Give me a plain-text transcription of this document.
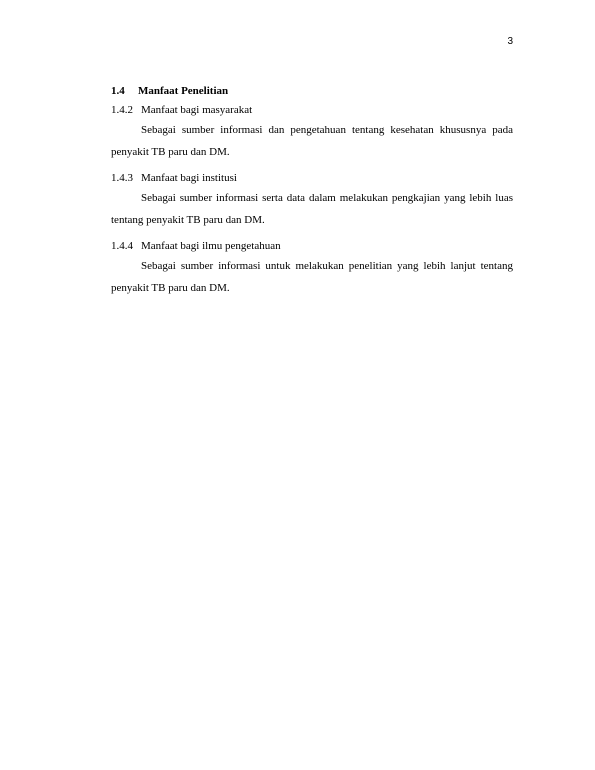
3
1.4 Manfaat Penelitian
1.4.2 Manfaat bagi masyarakat

Sebagai sumber informasi dan pengetahuan tentang kesehatan khususnya pada penyakit TB paru dan DM.

1.4.3 Manfaat bagi institusi

Sebagai sumber informasi serta data dalam melakukan pengkajian yang lebih luas tentang penyakit TB paru dan DM.

1.4.4 Manfaat bagi ilmu pengetahuan

Sebagai sumber informasi untuk melakukan penelitian yang lebih lanjut tentang penyakit TB paru dan DM.
